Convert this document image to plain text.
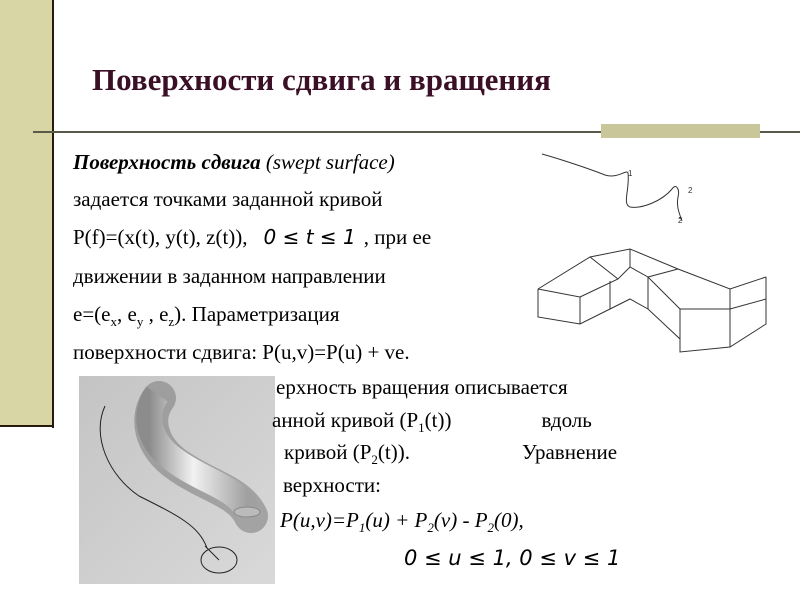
Поверхности сдвига и вращения
Поверхность сдвига (swept surface)
задается точками заданной кривой
P(f)=(x(t), y(t), z(t)), 0 ≤ t ≤ 1 , при ее
движении в заданном направлении
$e=(e_x$, $e_y$ , $e_z$). Параметризация
поверхности сдвига: P(u,v)=P(u) + ve.
1
2
2
ерхность вращения описывается
анной кривой $(P_1(t))$	вдоль
кривой $(P_2(t))$.	Уравнение
верхности:
$P(u,v)=P_1(u) + P_2(v) - P_2(0)$,
0 ≤ u ≤ 1, 0 ≤ v ≤ 1
